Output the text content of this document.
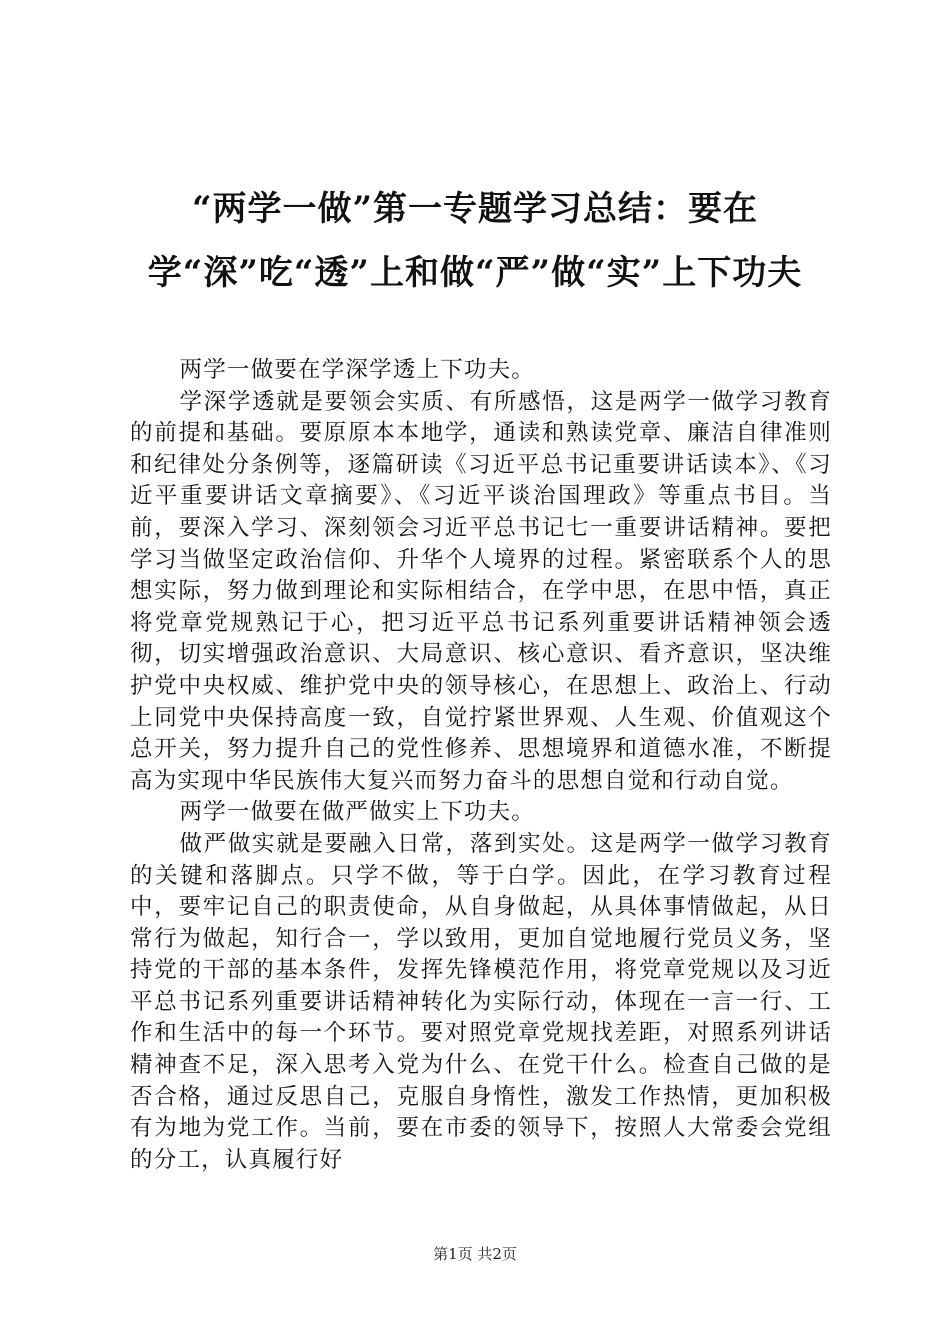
“两学一做”第一专题学习总结：要在学“深”吃“透”上和做“严”做“实”上下功夫

两学一做要在学深学透上下功夫。

学深学透就是要领会实质、有所感悟，这是两学一做学习教育的前提和基础。要原原本本地学，通读和熟读党章、廉洁自律准则和纪律处分条例等，逐篇研读《习近平总书记重要讲话读本》、《习近平重要讲话文章摘要》、《习近平谈治国理政》等重点书目。当前，要深入学习、深刻领会习近平总书记七一重要讲话精神。要把学习当做坚定政治信仰、升华个人境界的过程。紧密联系个人的思想实际，努力做到理论和实际相结合，在学中思，在思中悟，真正将党章党规熟记于心，把习近平总书记系列重要讲话精神领会透彻，切实增强政治意识、大局意识、核心意识、看齐意识，坚决维护党中央权威、维护党中央的领导核心，在思想上、政治上、行动上同党中央保持高度一致，自觉拧紧世界观、人生观、价值观这个总开关，努力提升自己的党性修养、思想境界和道德水准，不断提高为实现中华民族伟大复兴而努力奋斗的思想自觉和行动自觉。

两学一做要在做严做实上下功夫。

做严做实就是要融入日常，落到实处。这是两学一做学习教育的关键和落脚点。只学不做，等于白学。因此，在学习教育过程中，要牢记自己的职责使命，从自身做起，从具体事情做起，从日常行为做起，知行合一，学以致用，更加自觉地履行党员义务，坚持党的干部的基本条件，发挥先锋模范作用，将党章党规以及习近平总书记系列重要讲话精神转化为实际行动，体现在一言一行、工作和生活中的每一个环节。要对照党章党规找差距，对照系列讲话精神查不足，深入思考入党为什么、在党干什么。检查自己做的是否合格，通过反思自己，克服自身惰性，激发工作热情，更加积极有为地为党工作。当前，要在市委的领导下，按照人大常委会党组的分工，认真履行好

第1页 共2页
